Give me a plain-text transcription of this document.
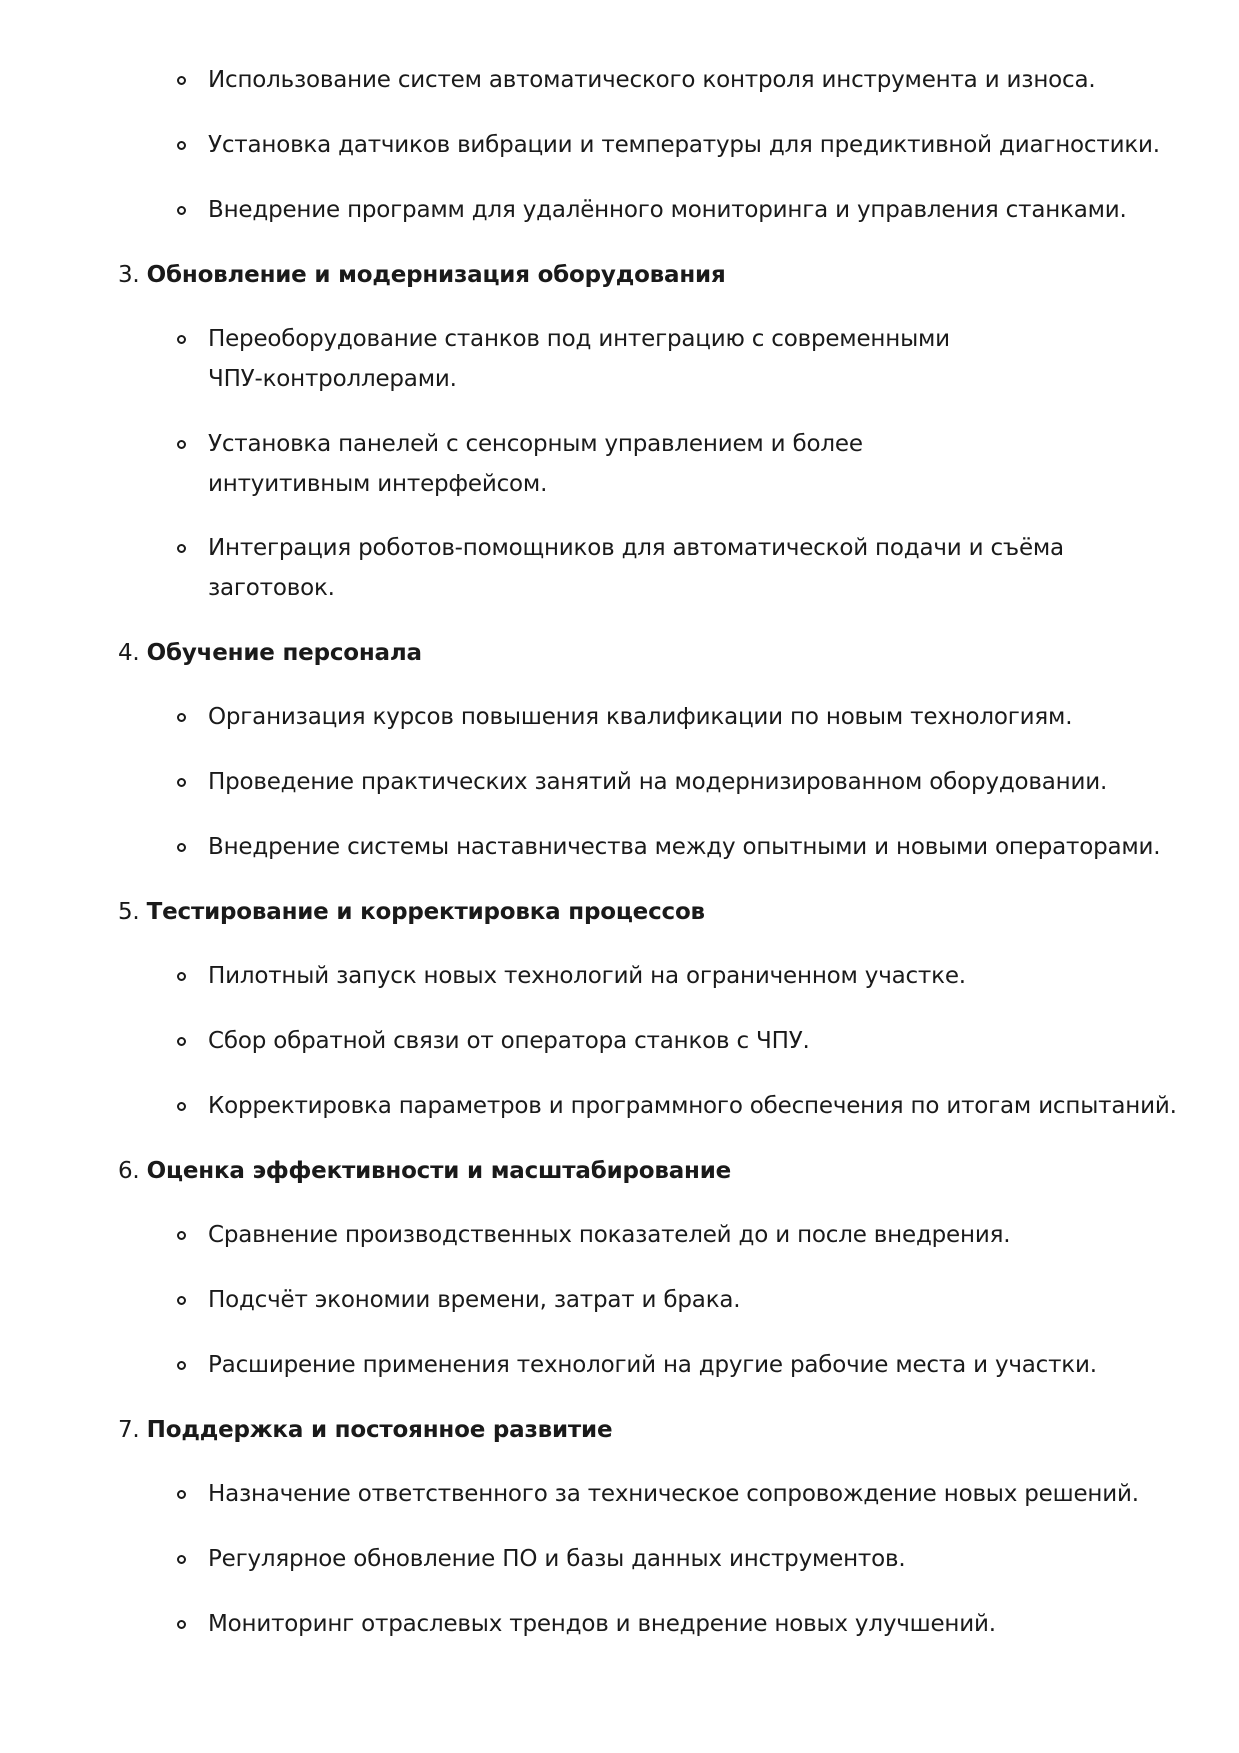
Использование систем автоматического контроля инструмента и износа.
Установка датчиков вибрации и температуры для предиктивной диагностики.
Внедрение программ для удалённого мониторинга и управления станками.
3. Обновление и модернизация оборудования
Переоборудование станков под интеграцию с современными ЧПУ-контроллерами.
Установка панелей с сенсорным управлением и более интуитивным интерфейсом.
Интеграция роботов-помощников для автоматической подачи и съёма заготовок.
4. Обучение персонала
Организация курсов повышения квалификации по новым технологиям.
Проведение практических занятий на модернизированном оборудовании.
Внедрение системы наставничества между опытными и новыми операторами.
5. Тестирование и корректировка процессов
Пилотный запуск новых технологий на ограниченном участке.
Сбор обратной связи от оператора станков с ЧПУ.
Корректировка параметров и программного обеспечения по итогам испытаний.
6. Оценка эффективности и масштабирование
Сравнение производственных показателей до и после внедрения.
Подсчёт экономии времени, затрат и брака.
Расширение применения технологий на другие рабочие места и участки.
7. Поддержка и постоянное развитие
Назначение ответственного за техническое сопровождение новых решений.
Регулярное обновление ПО и базы данных инструментов.
Мониторинг отраслевых трендов и внедрение новых улучшений.
